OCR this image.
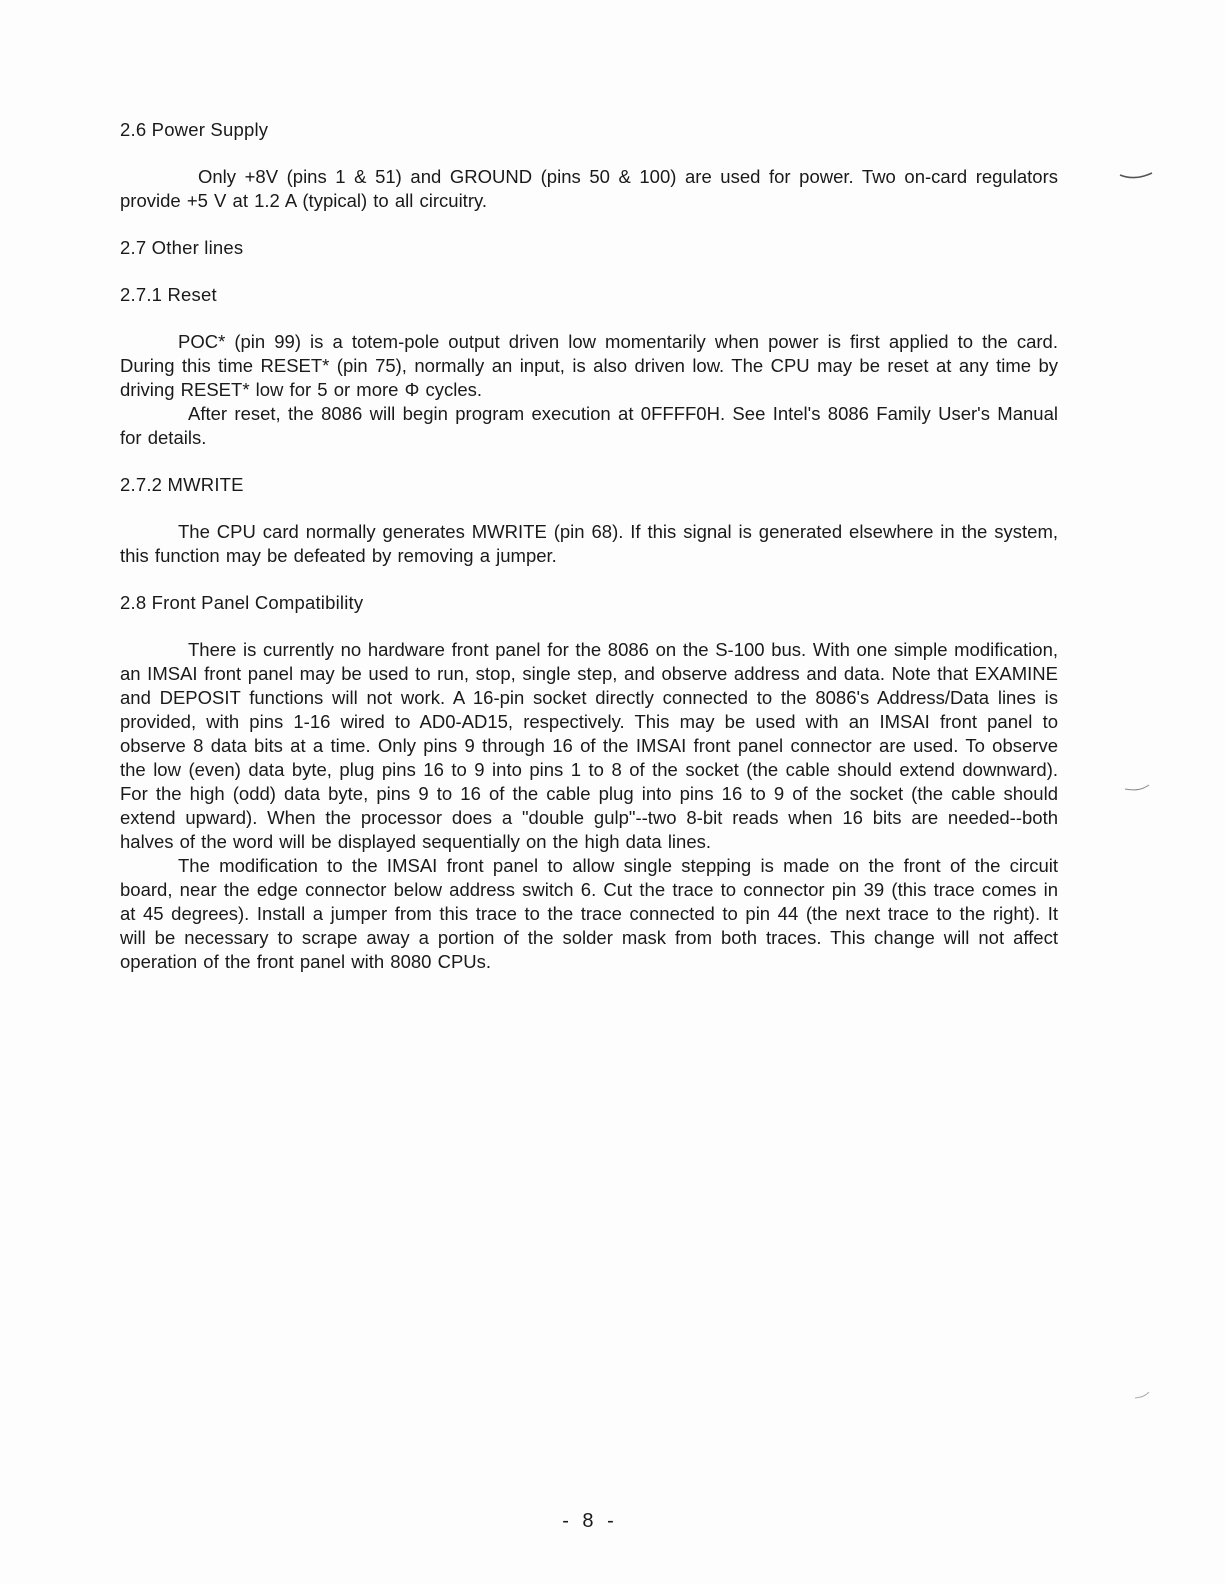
2.6 Power Supply

Only +8V (pins 1 & 51) and GROUND (pins 50 & 100) are used for power. Two on-card regulators provide +5 V at 1.2 A (typical) to all circuitry.

2.7 Other lines
2.7.1 Reset

POC* (pin 99) is a totem-pole output driven low momentarily when power is first applied to the card. During this time RESET* (pin 75), normally an input, is also driven low. The CPU may be reset at any time by driving RESET* low for 5 or more Φ cycles.

After reset, the 8086 will begin program execution at 0FFFF0H. See Intel's 8086 Family User's Manual for details.

2.7.2 MWRITE

The CPU card normally generates MWRITE (pin 68). If this signal is generated elsewhere in the system, this function may be defeated by removing a jumper.

2.8 Front Panel Compatibility

There is currently no hardware front panel for the 8086 on the S-100 bus. With one simple modification, an IMSAI front panel may be used to run, stop, single step, and observe address and data. Note that EXAMINE and DEPOSIT functions will not work. A 16-pin socket directly connected to the 8086's Address/Data lines is provided, with pins 1-16 wired to AD0-AD15, respectively. This may be used with an IMSAI front panel to observe 8 data bits at a time. Only pins 9 through 16 of the IMSAI front panel connector are used. To observe the low (even) data byte, plug pins 16 to 9 into pins 1 to 8 of the socket (the cable should extend downward). For the high (odd) data byte, pins 9 to 16 of the cable plug into pins 16 to 9 of the socket (the cable should extend upward). When the processor does a "double gulp"--two 8-bit reads when 16 bits are needed--both halves of the word will be displayed sequentially on the high data lines.

The modification to the IMSAI front panel to allow single stepping is made on the front of the circuit board, near the edge connector below address switch 6. Cut the trace to connector pin 39 (this trace comes in at 45 degrees). Install a jumper from this trace to the trace connected to pin 44 (the next trace to the right). It will be necessary to scrape away a portion of the solder mask from both traces. This change will not affect operation of the front panel with 8080 CPUs.

- 8 -
